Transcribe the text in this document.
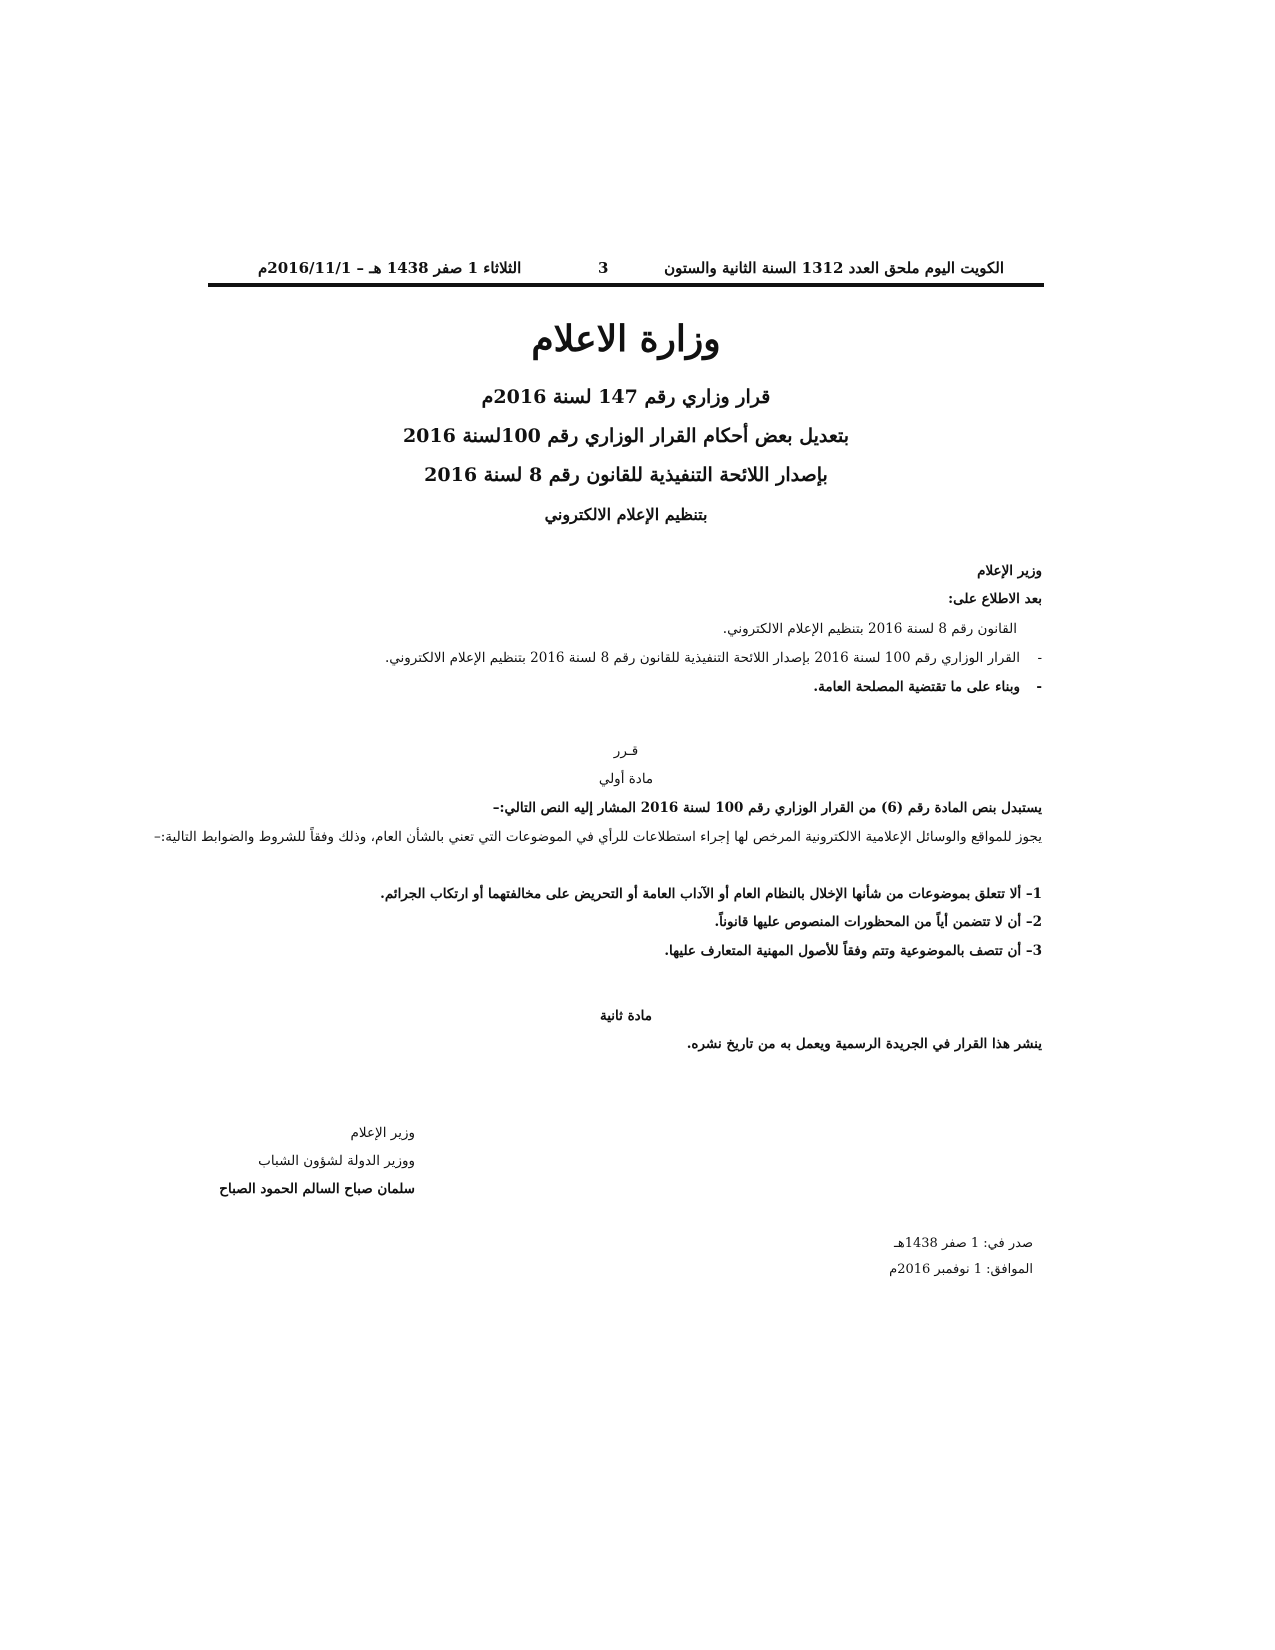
الكويت اليوم ملحق العدد 1312 السنة الثانية والستون
3
الثلاثاء 1 صفر 1438 هـ – 2016/11/1م
وزارة الاعلام
قرار وزاري رقم 147 لسنة 2016م
بتعديل بعض أحكام القرار الوزاري رقم 100لسنة 2016
بإصدار اللائحة التنفيذية للقانون رقم 8 لسنة 2016
بتنظيم الإعلام الالكتروني
وزير الإعلام
بعد الاطلاع على:
القانون رقم 8 لسنة 2016 بتنظيم الإعلام الالكتروني.
-القرار الوزاري رقم 100 لسنة 2016 بإصدار اللائحة التنفيذية للقانون رقم 8 لسنة 2016 بتنظيم الإعلام الالكتروني.
-وبناء على ما تقتضية المصلحة العامة.
قـرر
مادة أولي
يستبدل بنص المادة رقم (6) من القرار الوزاري رقم 100 لسنة 2016 المشار إليه النص التالي:–
يجوز للمواقع والوسائل الإعلامية الالكترونية المرخص لها إجراء استطلاعات للرأي في الموضوعات التي تعني بالشأن العام، وذلك وفقاً للشروط والضوابط التالية:–
1– ألا تتعلق بموضوعات من شأنها الإخلال بالنظام العام أو الآداب العامة أو التحريض على مخالفتهما أو ارتكاب الجرائم.
2– أن لا تتضمن أياً من المحظورات المنصوص عليها قانوناً.
3– أن تتصف بالموضوعية وتتم وفقاً للأصول المهنية المتعارف عليها.
مادة ثانية
ينشر هذا القرار في الجريدة الرسمية ويعمل به من تاريخ نشره.
وزير الإعلام
ووزير الدولة لشؤون الشباب
سلمان صباح السالم الحمود الصباح
صدر في: 1 صفر 1438هـ
الموافق: 1 نوفمبر 2016م
